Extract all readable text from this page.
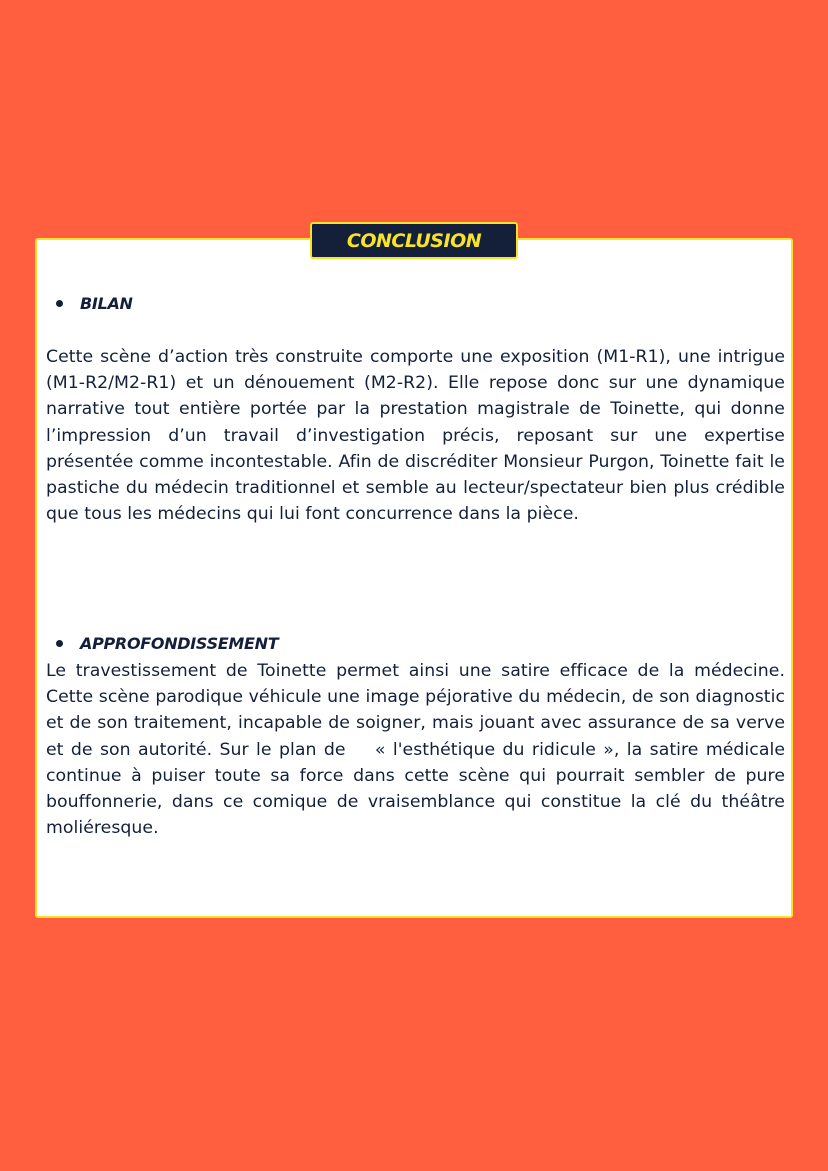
CONCLUSION
BILAN

Cette scène d’action très construite comporte une exposition (M1-R1), une intrigue (M1-R2/M2-R1) et un dénouement (M2-R2). Elle repose donc sur une dynamique narrative tout entière portée par la prestation magistrale de Toinette, qui donne l’impression d’un travail d’investigation précis, reposant sur une expertise présentée comme incontestable. Afin de discréditer Monsieur Purgon, Toinette fait le pastiche du médecin traditionnel et semble au lecteur/spectateur bien plus crédible que tous les médecins qui lui font concurrence dans la pièce.

APPROFONDISSEMENT

Le travestissement de Toinette permet ainsi une satire efficace de la médecine. Cette scène parodique véhicule une image péjorative du médecin, de son diagnostic et de son traitement, incapable de soigner, mais jouant avec assurance de sa verve et de son autorité. Sur le plan de « l'esthétique du ridicule », la satire médicale continue à puiser toute sa force dans cette scène qui pourrait sembler de pure bouffonnerie, dans ce comique de vraisemblance qui constitue la clé du théâtre moliéresque.
